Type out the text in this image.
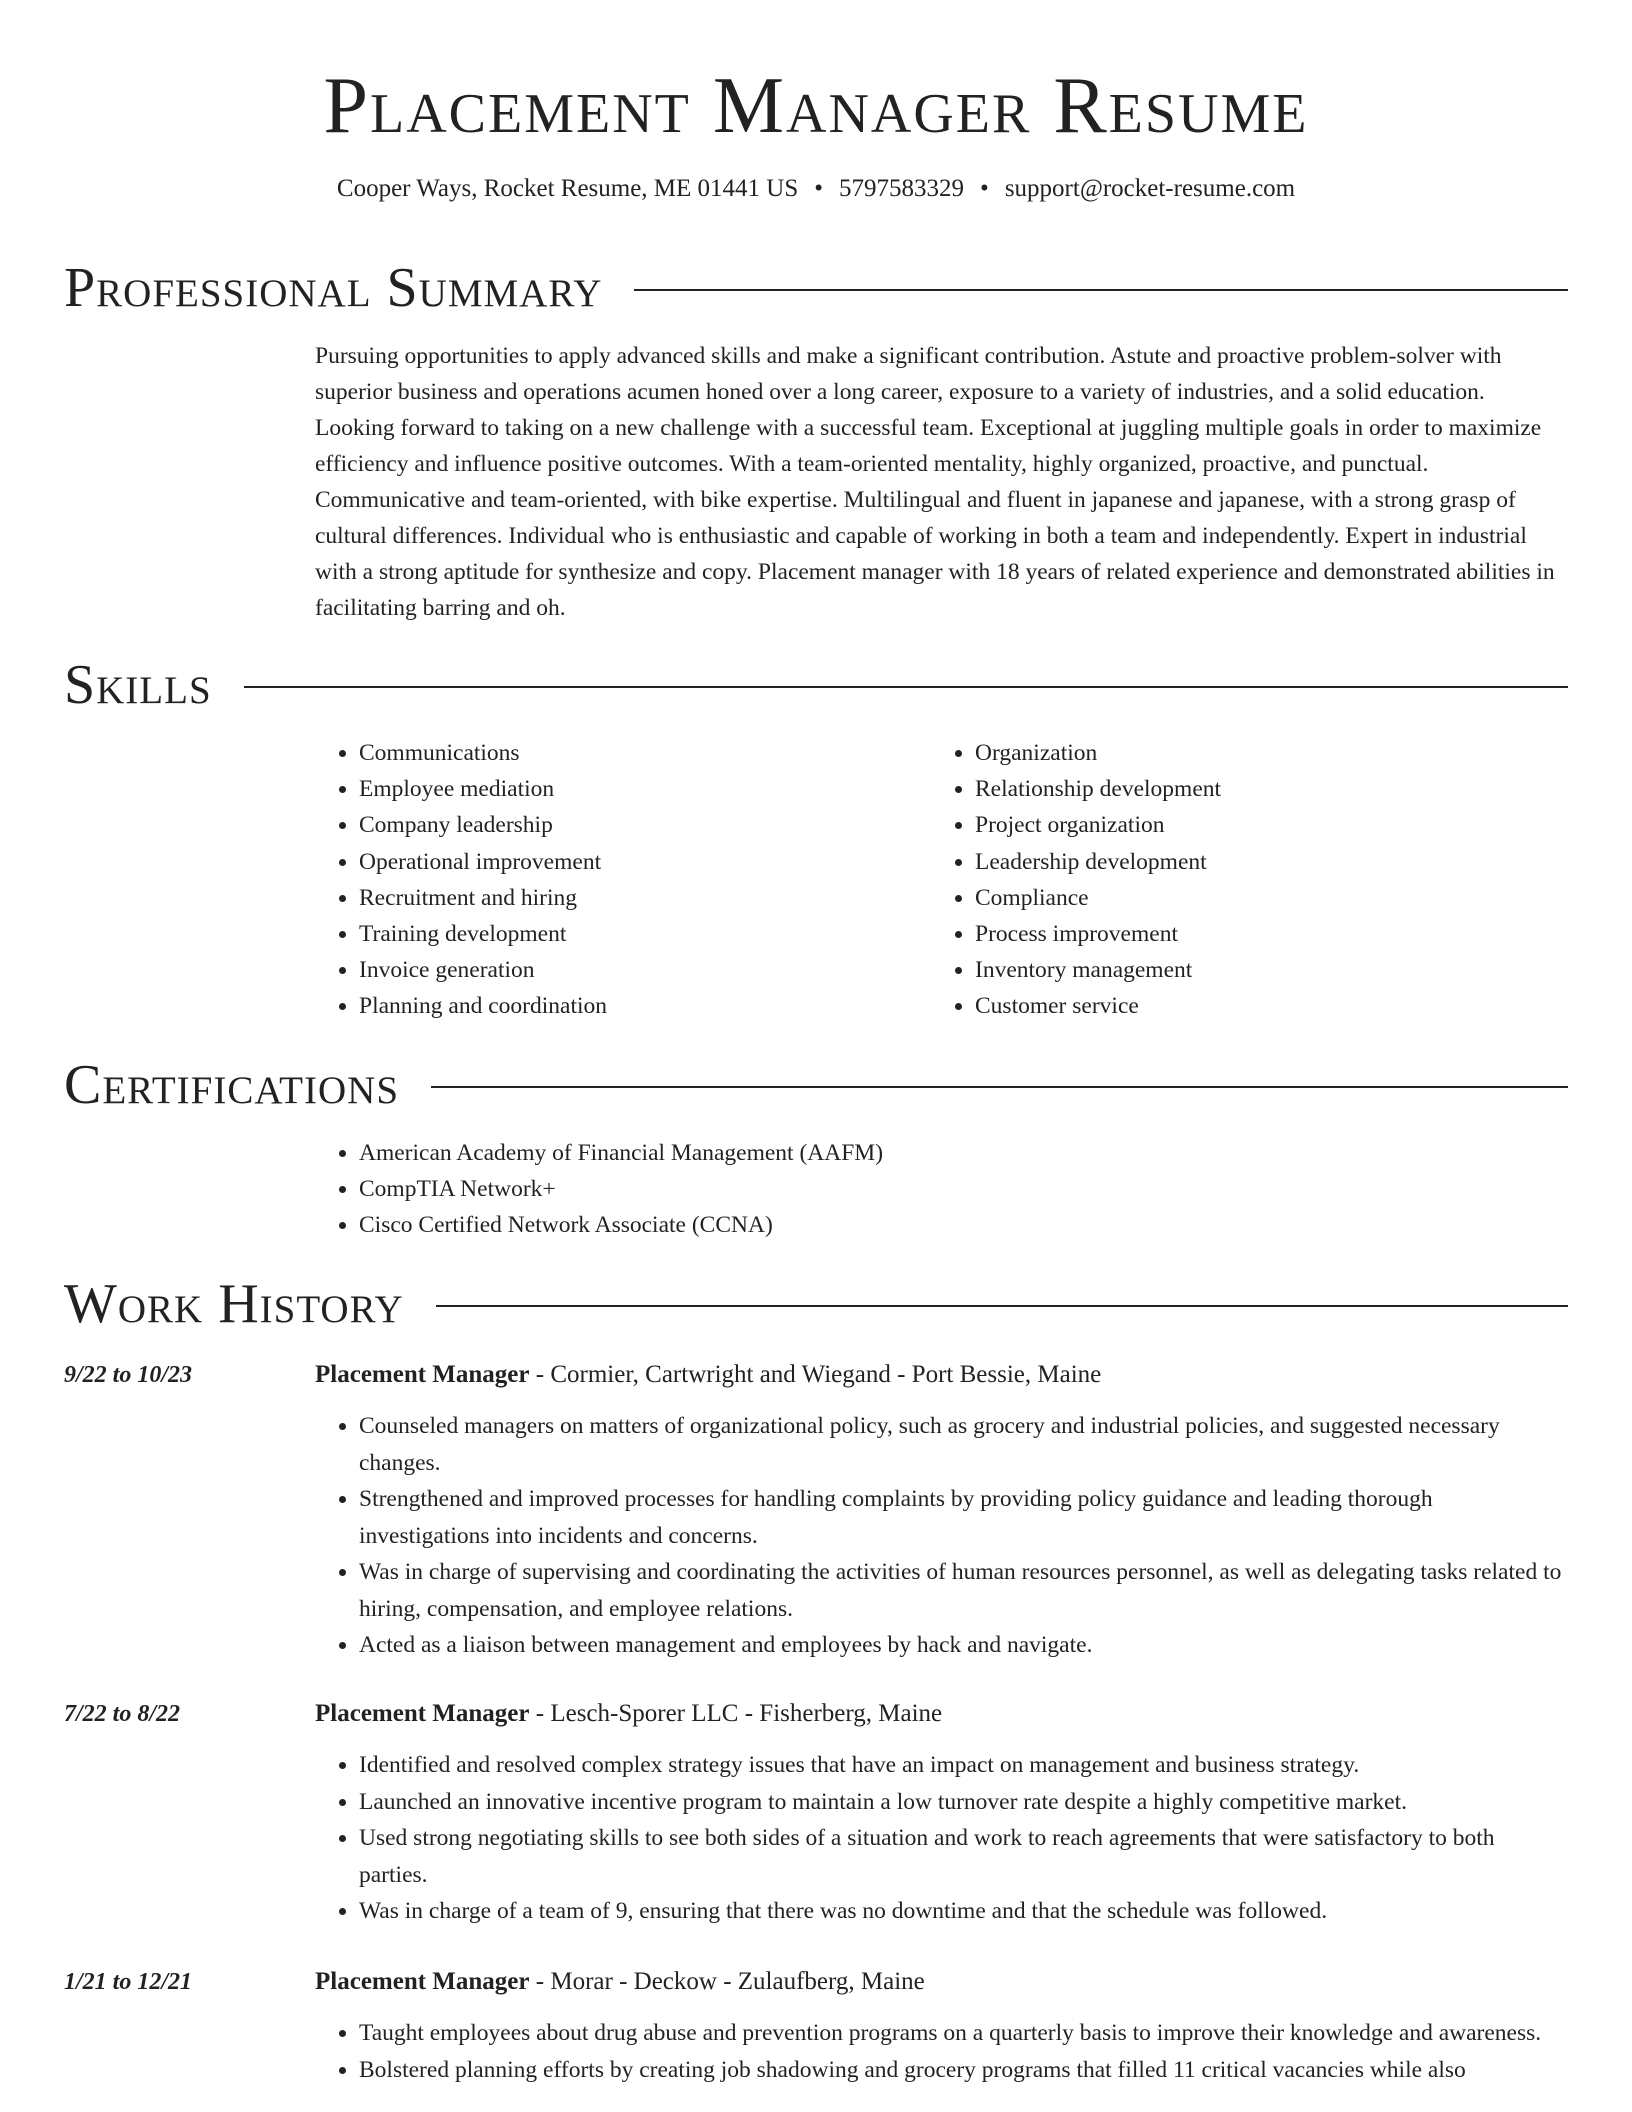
Placement Manager Resume
Cooper Ways, Rocket Resume, ME 01441 US • 5797583329 • support@rocket-resume.com
Professional Summary
Pursuing opportunities to apply advanced skills and make a significant contribution. Astute and proactive problem-solver with superior business and operations acumen honed over a long career, exposure to a variety of industries, and a solid education. Looking forward to taking on a new challenge with a successful team. Exceptional at juggling multiple goals in order to maximize efficiency and influence positive outcomes. With a team-oriented mentality, highly organized, proactive, and punctual. Communicative and team-oriented, with bike expertise. Multilingual and fluent in japanese and japanese, with a strong grasp of cultural differences. Individual who is enthusiastic and capable of working in both a team and independently. Expert in industrial with a strong aptitude for synthesize and copy. Placement manager with 18 years of related experience and demonstrated abilities in facilitating barring and oh.
Skills
• Communications
• Employee mediation
• Company leadership
• Operational improvement
• Recruitment and hiring
• Training development
• Invoice generation
• Planning and coordination
• Organization
• Relationship development
• Project organization
• Leadership development
• Compliance
• Process improvement
• Inventory management
• Customer service
Certifications
• American Academy of Financial Management (AAFM)
• CompTIA Network+
• Cisco Certified Network Associate (CCNA)
Work History
9/22 to 10/23	Placement Manager - Cormier, Cartwright and Wiegand - Port Bessie, Maine
• Counseled managers on matters of organizational policy, such as grocery and industrial policies, and suggested necessary changes.
• Strengthened and improved processes for handling complaints by providing policy guidance and leading thorough investigations into incidents and concerns.
• Was in charge of supervising and coordinating the activities of human resources personnel, as well as delegating tasks related to hiring, compensation, and employee relations.
• Acted as a liaison between management and employees by hack and navigate.
7/22 to 8/22	Placement Manager - Lesch-Sporer LLC - Fisherberg, Maine
• Identified and resolved complex strategy issues that have an impact on management and business strategy.
• Launched an innovative incentive program to maintain a low turnover rate despite a highly competitive market.
• Used strong negotiating skills to see both sides of a situation and work to reach agreements that were satisfactory to both parties.
• Was in charge of a team of 9, ensuring that there was no downtime and that the schedule was followed.
1/21 to 12/21	Placement Manager - Morar - Deckow - Zulaufberg, Maine
• Taught employees about drug abuse and prevention programs on a quarterly basis to improve their knowledge and awareness.
• Bolstered planning efforts by creating job shadowing and grocery programs that filled 11 critical vacancies while also
